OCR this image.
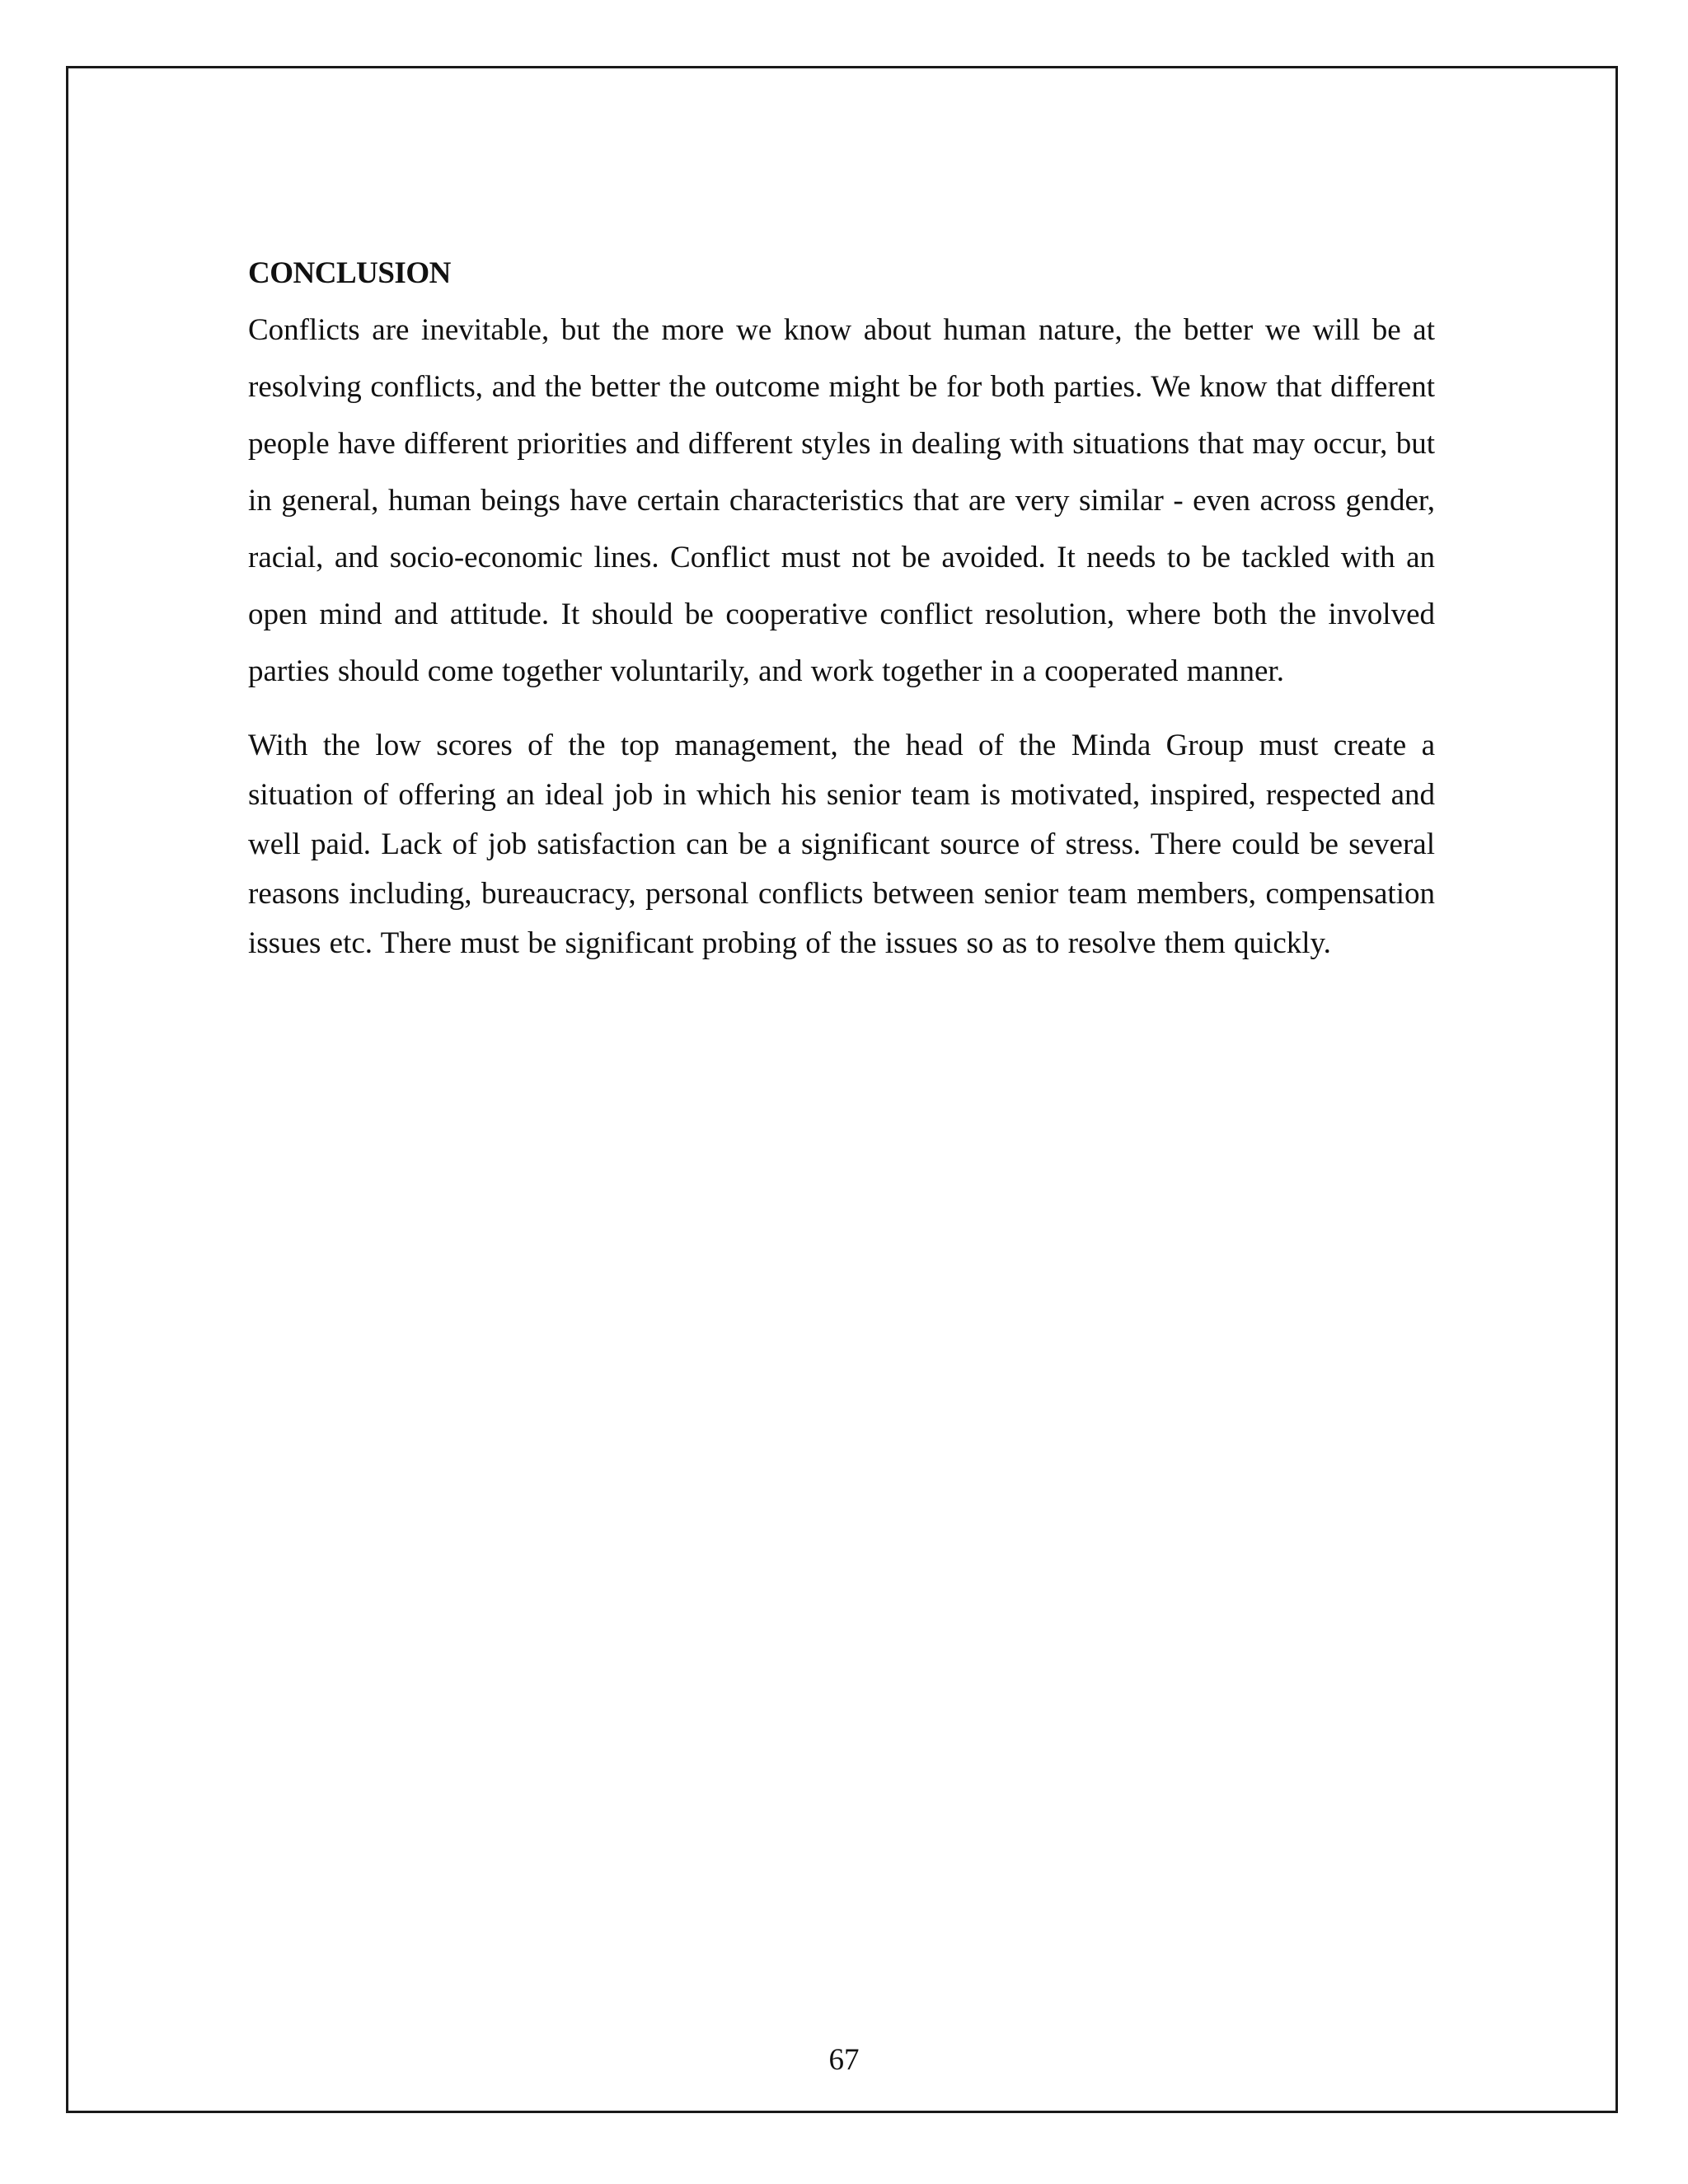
CONCLUSION

Conflicts are inevitable, but the more we know about human nature, the better we will be at resolving conflicts, and the better the outcome might be for both parties. We know that different people have different priorities and different styles in dealing with situations that may occur, but in general, human beings have certain characteristics that are very similar - even across gender, racial, and socio-economic lines. Conflict must not be avoided. It needs to be tackled with an open mind and attitude. It should be cooperative conflict resolution, where both the involved parties should come together voluntarily, and work together in a cooperated manner.

With the low scores of the top management, the head of the Minda Group must create a situation of offering an ideal job in which his senior team is motivated, inspired, respected and well paid. Lack of job satisfaction can be a significant source of stress. There could be several reasons including, bureaucracy, personal conflicts between senior team members, compensation issues etc. There must be significant probing of the issues so as to resolve them quickly.

67
